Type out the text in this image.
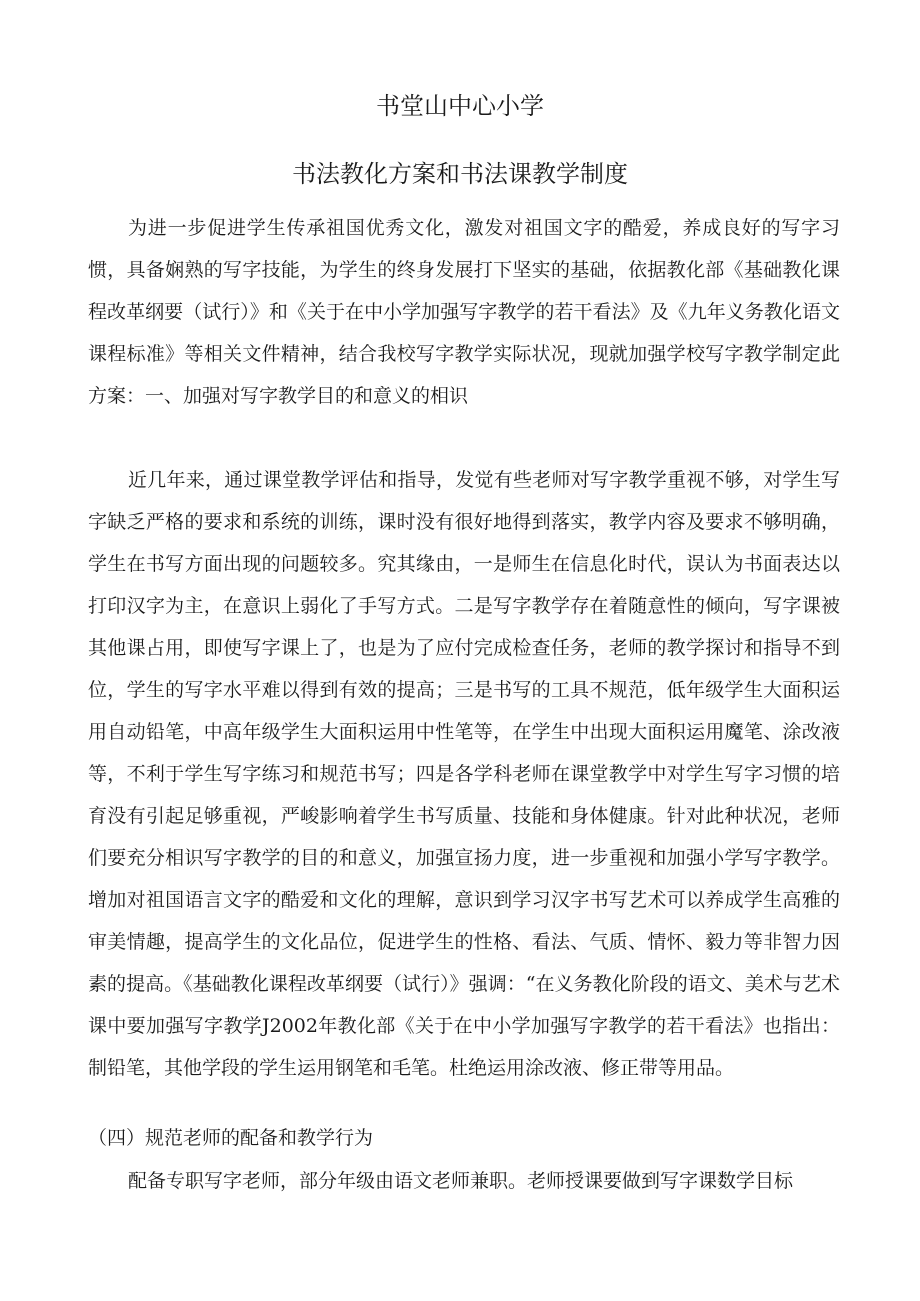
书堂山中心小学
书法教化方案和书法课教学制度

为进一步促进学生传承祖国优秀文化，激发对祖国文字的酷爱，养成良好的写字习惯，具备娴熟的写字技能，为学生的终身发展打下坚实的基础，依据教化部《基础教化课程改革纲要（试行）》和《关于在中小学加强写字教学的若干看法》及《九年义务教化语文课程标准》等相关文件精神，结合我校写字教学实际状况，现就加强学校写字教学制定此方案：一、加强对写字教学目的和意义的相识

近几年来，通过课堂教学评估和指导，发觉有些老师对写字教学重视不够，对学生写字缺乏严格的要求和系统的训练，课时没有很好地得到落实，教学内容及要求不够明确，学生在书写方面出现的问题较多。究其缘由，一是师生在信息化时代，误认为书面表达以打印汉字为主，在意识上弱化了手写方式。二是写字教学存在着随意性的倾向，写字课被其他课占用，即使写字课上了，也是为了应付完成检查任务，老师的教学探讨和指导不到位，学生的写字水平难以得到有效的提高；三是书写的工具不规范，低年级学生大面积运用自动铅笔，中高年级学生大面积运用中性笔等，在学生中出现大面积运用魔笔、涂改液等，不利于学生写字练习和规范书写；四是各学科老师在课堂教学中对学生写字习惯的培育没有引起足够重视，严峻影响着学生书写质量、技能和身体健康。针对此种状况，老师们要充分相识写字教学的目的和意义，加强宣扬力度，进一步重视和加强小学写字教学。增加对祖国语言文字的酷爱和文化的理解，意识到学习汉字书写艺术可以养成学生高雅的审美情趣，提高学生的文化品位，促进学生的性格、看法、气质、情怀、毅力等非智力因素的提高。《基础教化课程改革纲要（试行）》强调：“在义务教化阶段的语文、美术与艺术课中要加强写字教学J2002年教化部《关于在中小学加强写字教学的若干看法》也指出：制铅笔，其他学段的学生运用钢笔和毛笔。杜绝运用涂改液、修正带等用品。

（四）规范老师的配备和教学行为

配备专职写字老师，部分年级由语文老师兼职。老师授课要做到写字课数学目标
